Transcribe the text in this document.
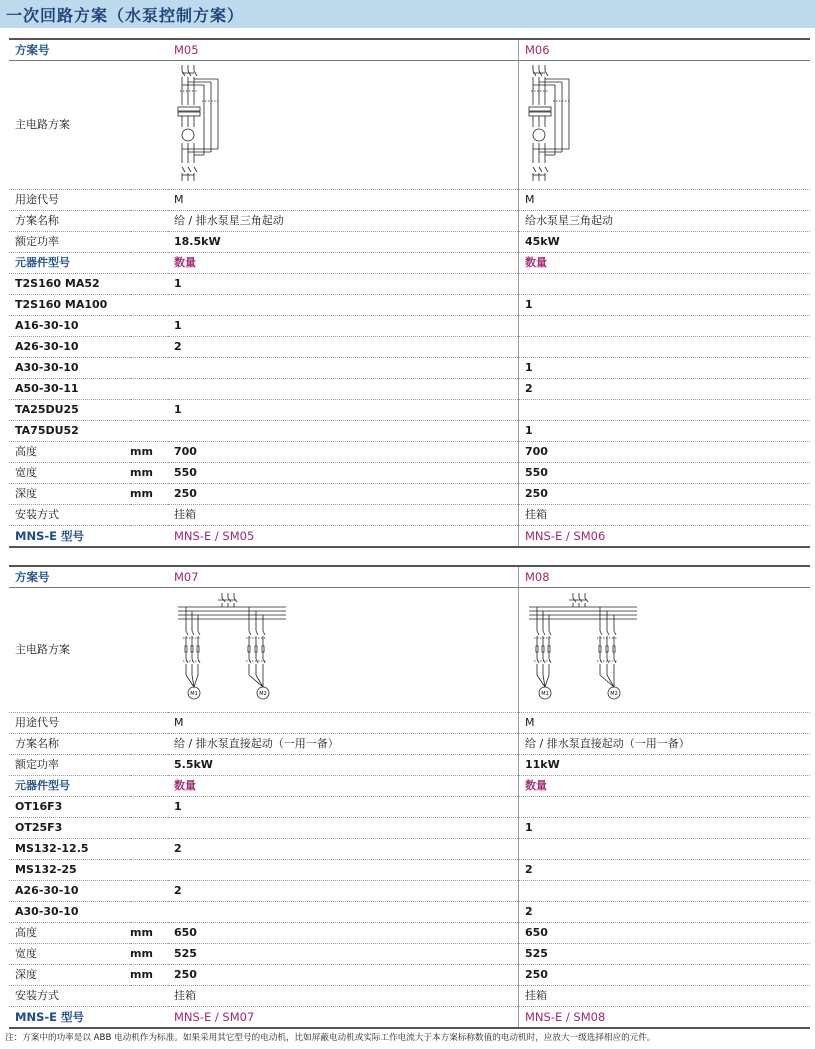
一次回路方案（水泵控制方案）
方案号		M05	M06
主电路方案		

用途代号		M	M
方案名称		给 / 排水泵星三角起动	给水泵星三角起动
额定功率		18.5kW	45kW
元器件型号		数量	数量
T2S160 MA52		1	
T2S160 MA100			1
A16-30-10		1	
A26-30-10		2	
A30-30-10			1
A50-30-11			2
TA25DU25		1	
TA75DU52			1
高度	mm	700	700
宽度	mm	550	550
深度	mm	250	250
安装方式		挂箱	挂箱
MNS-E 型号		MNS-E / SM05	MNS-E / SM06
方案号		M07	M08
主电路方案		M1 M2	M1 M2

用途代号		M	M
方案名称		给 / 排水泵直接起动（一用一备）	给 / 排水泵直接起动（一用一备）
额定功率		5.5kW	11kW
元器件型号		数量	数量
OT16F3		1	
OT25F3			1
MS132-12.5		2	
MS132-25			2
A26-30-10		2	
A30-30-10			2
高度	mm	650	650
宽度	mm	525	525
深度	mm	250	250
安装方式		挂箱	挂箱
MNS-E 型号		MNS-E / SM07	MNS-E / SM08
注：方案中的功率是以 ABB 电动机作为标准。如果采用其它型号的电动机，比如屏蔽电动机或实际工作电流大于本方案标称数值的电动机时，应放大一级选择相应的元件。
